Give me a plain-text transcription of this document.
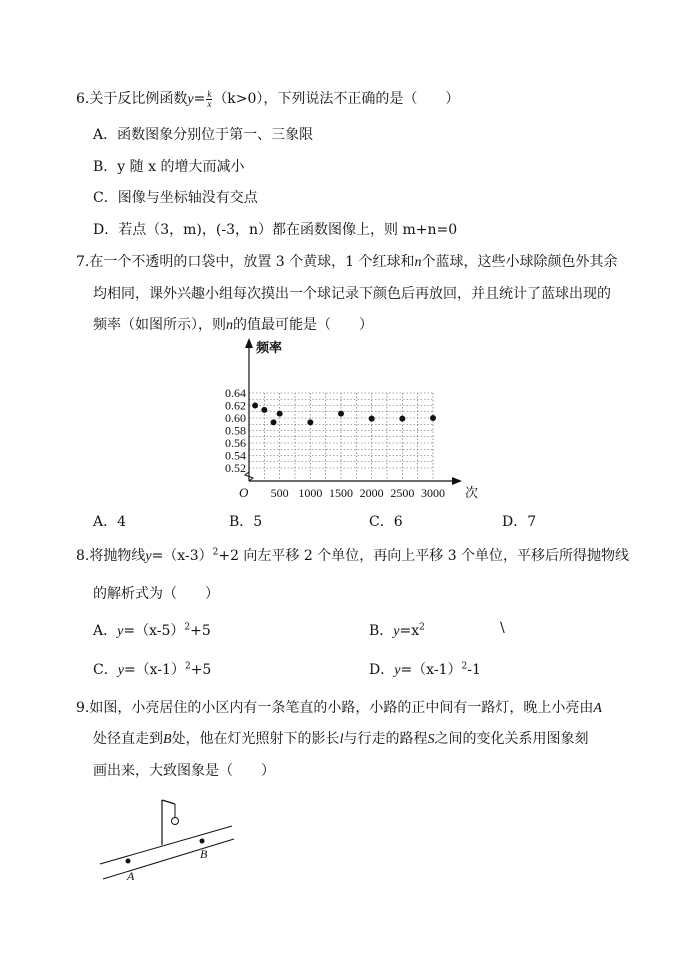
6.关于反比例函数$y= \frac{k}{x} (k>0)$，下列说法不正确的是（　　）
A．函数图象分别位于第一、三象限
B．y 随 x 的增大而减小
C．图像与坐标轴没有交点
D．若点（3，m)，(-3，n）都在函数图像上，则 m+n=0
7.在一个不透明的口袋中，放置 3 个黄球，1 个红球和n个蓝球，这些小球除颜色外其余
均相同，课外兴趣小组每次摸出一个球记录下颜色后再放回，并且统计了蓝球出现的
频率（如图所示），则n的值最可能是（　　）
0.52
0.54
0.56
0.58
0.60
0.62
0.64
500 1000 1500 2000 2500 3000
O	次
频率
A．4	B．5	C．6	D．7
8.将抛物线$y=(x-3)^2+2$ 向左平移 2 个单位，再向上平移 3 个单位，平移后所得抛物线
的解析式为（　　）
A．$y=(x-5)^2+5$	B．$y=x^2$	\
C．$y=(x-1)^2+5$	D．$y=(x-1)^2-1$
9.如图，小亮居住的小区内有一条笔直的小路，小路的正中间有一路灯，晚上小亮由A
处径直走到B处，他在灯光照射下的影长l与行走的路程S之间的变化关系用图象刻
画出来，大致图象是（　　）
A
B
